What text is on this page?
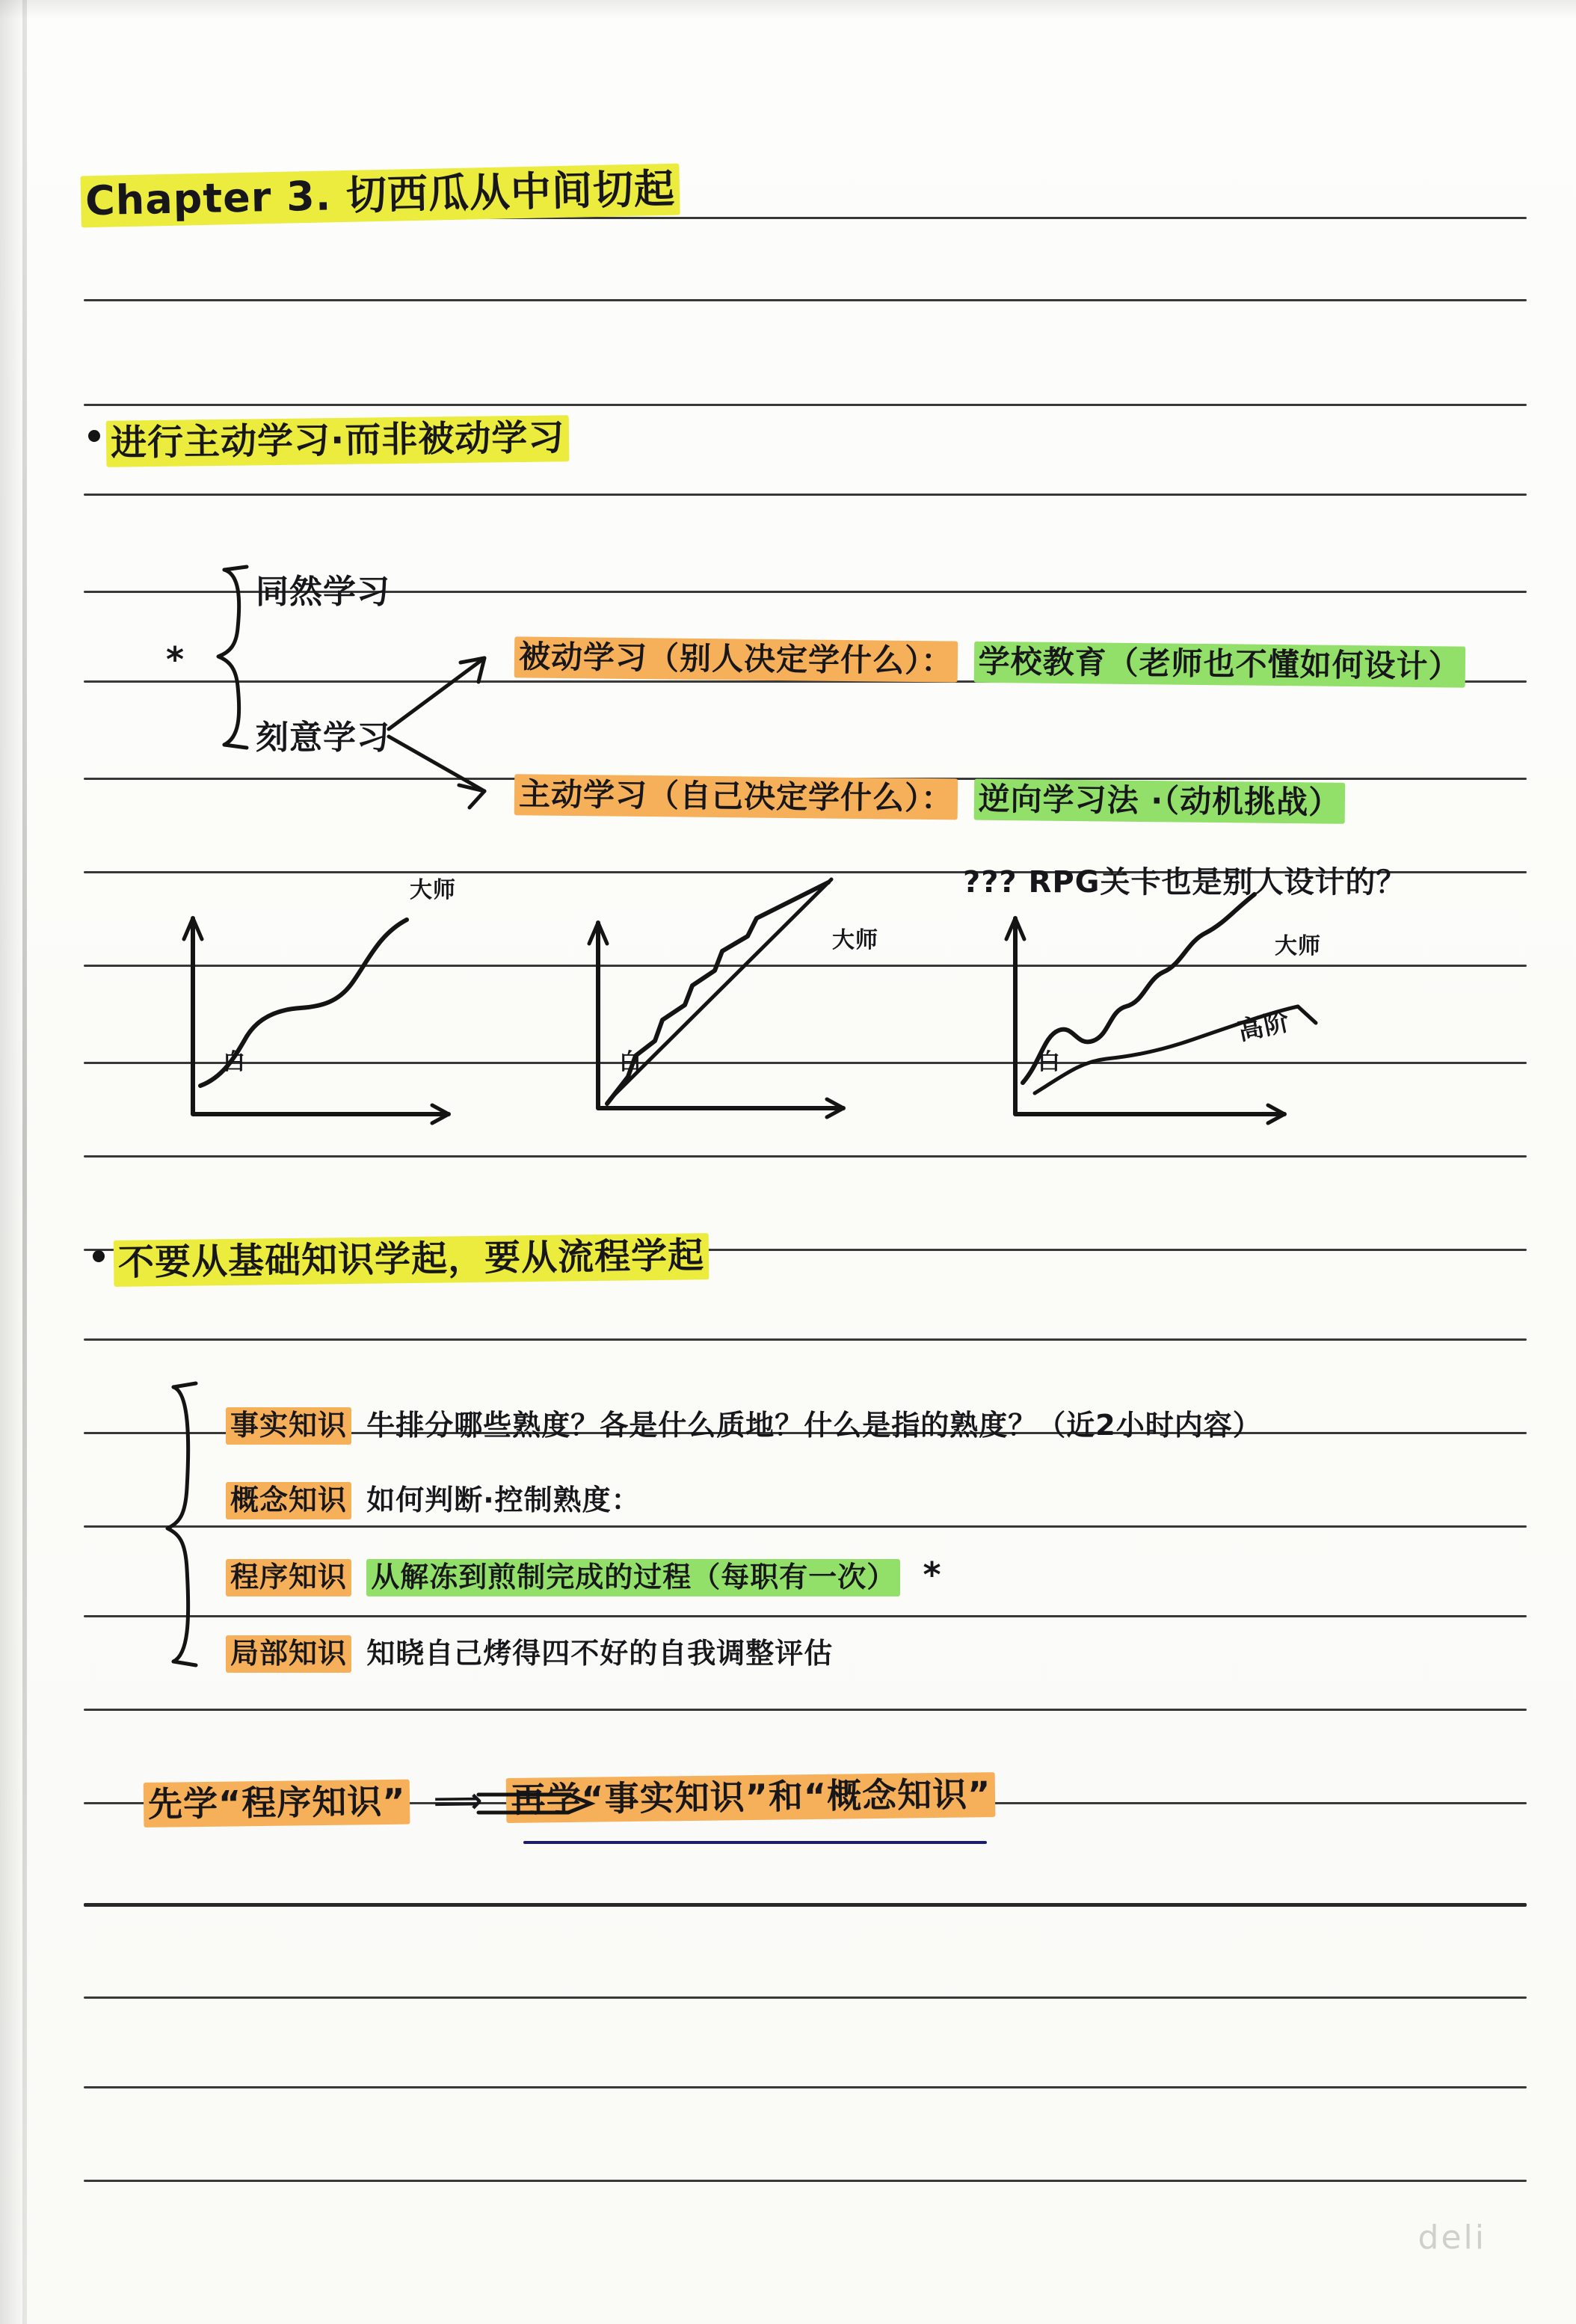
Chapter 3. 切西瓜从中间切起
进行主动学习·而非被动学习
*
同然学习
刻意学习
被动学习（别人决定学什么）： 学校教育（老师也不懂如何设计）
主动学习（自己决定学什么）： 逆向学习法 ·（动机挑战）
??? RPG关卡也是别人设计的？
大师
白
大师
白
大师
高阶
白
不要从基础知识学起，要从流程学起
事实知识 牛排分哪些熟度？各是什么质地？什么是指的熟度？（近2小时内容）
概念知识 如何判断·控制熟度：
程序知识 从解冻到煎制完成的过程（每职有一次） *
局部知识 知晓自己烤得四不好的自我调整评估
先学“程序知识” ⟹ 再学“事实知识”和“概念知识”
deli
